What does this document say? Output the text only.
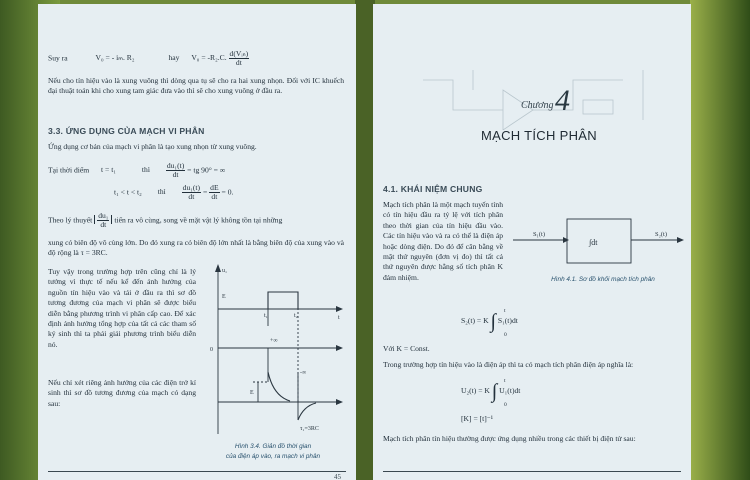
Suy ra	V₀ = - iₘ. R₂	hay V₀ = -R₂.C. $\frac{\text{d(Vᵢₙ)}}{dt}$
Nếu cho tín hiệu vào là xung vuông thì dòng qua tụ sẽ cho ra hai xung nhọn. Đối với IC khuếch đại thuật toán khi cho xung tam giác đưa vào thì sẽ cho xung vuông ở đầu ra.
3.3. ỨNG DỤNG CỦA MẠCH VI PHÂN
Ứng dụng cơ bản của mạch vi phân là tạo xung nhọn từ xung vuông.
Tại thời điểm t = t₁	thì $\frac{\text{du₁(t)}}{dt}$ = tg 90° = ∞
t₁ < t < t₂ thì $\frac{\text{du₁(t)}}{dt} = \frac{dE}{dt} = 0$.
Theo lý thuyết $\frac{\text{du₁}}{dt}$ tiến ra vô cùng, song về mặt vật lý không tồn tại những
xung có biên độ vô cùng lớn. Do đó xung ra có biên độ lớn nhất là bằng biên độ của xung vào và độ rộng là τ = 3RC.
Tuy vậy trong trường hợp trên cũng chỉ là lý tưởng vì thực tế nếu kể đến ảnh hưởng của nguồn tín hiệu vào và tải ở đầu ra thì sơ đồ tương đương của mạch vi phân sẽ được biểu diễn bằng phương trình vi phân cấp cao. Để xác định ảnh hưởng tổng hợp của tất cả các tham số ký sinh thì ta phải giải phương trình biểu diễn nó.
Nếu chỉ xét riêng ảnh hưởng của các điện trở kí sinh thì sơ đồ tương đương của mạch có dạng sau:
u₁
E
t₁	t₂	t
0
+∞
E
-∞
τ₁=3RC
Hình 3.4. Giản đồ thời gian
của điện áp vào, ra mạch vi phân
45
Chương 4
MẠCH TÍCH PHÂN
4.1. KHÁI NIỆM CHUNG
Mạch tích phân là một mạch tuyến tính có tín hiệu đầu ra tỷ lệ với tích phân theo thời gian của tín hiệu đầu vào. Các tín hiệu vào và ra có thể là điện áp hoặc dòng điện. Do đó để cân bằng về mặt thứ nguyên (đơn vị đo) thì tất cả thứ nguyên được hằng số tích phân K đảm nhiệm.
S₁(t)
∫dt
S₂(t)
Hình 4.1. Sơ đồ khối mạch tích phân
S₂(t) = K ∫ S₁(t)dt
t
0
Với K = Const.
Trong trường hợp tín hiệu vào là điện áp thì ta có mạch tích phân điện áp nghĩa là:
U₂(t) = K ∫ U₁(t)dt
t
0
[K] = [t]⁻¹
Mạch tích phân tín hiệu thường được ứng dụng nhiều trong các thiết bị điện tử sau:
